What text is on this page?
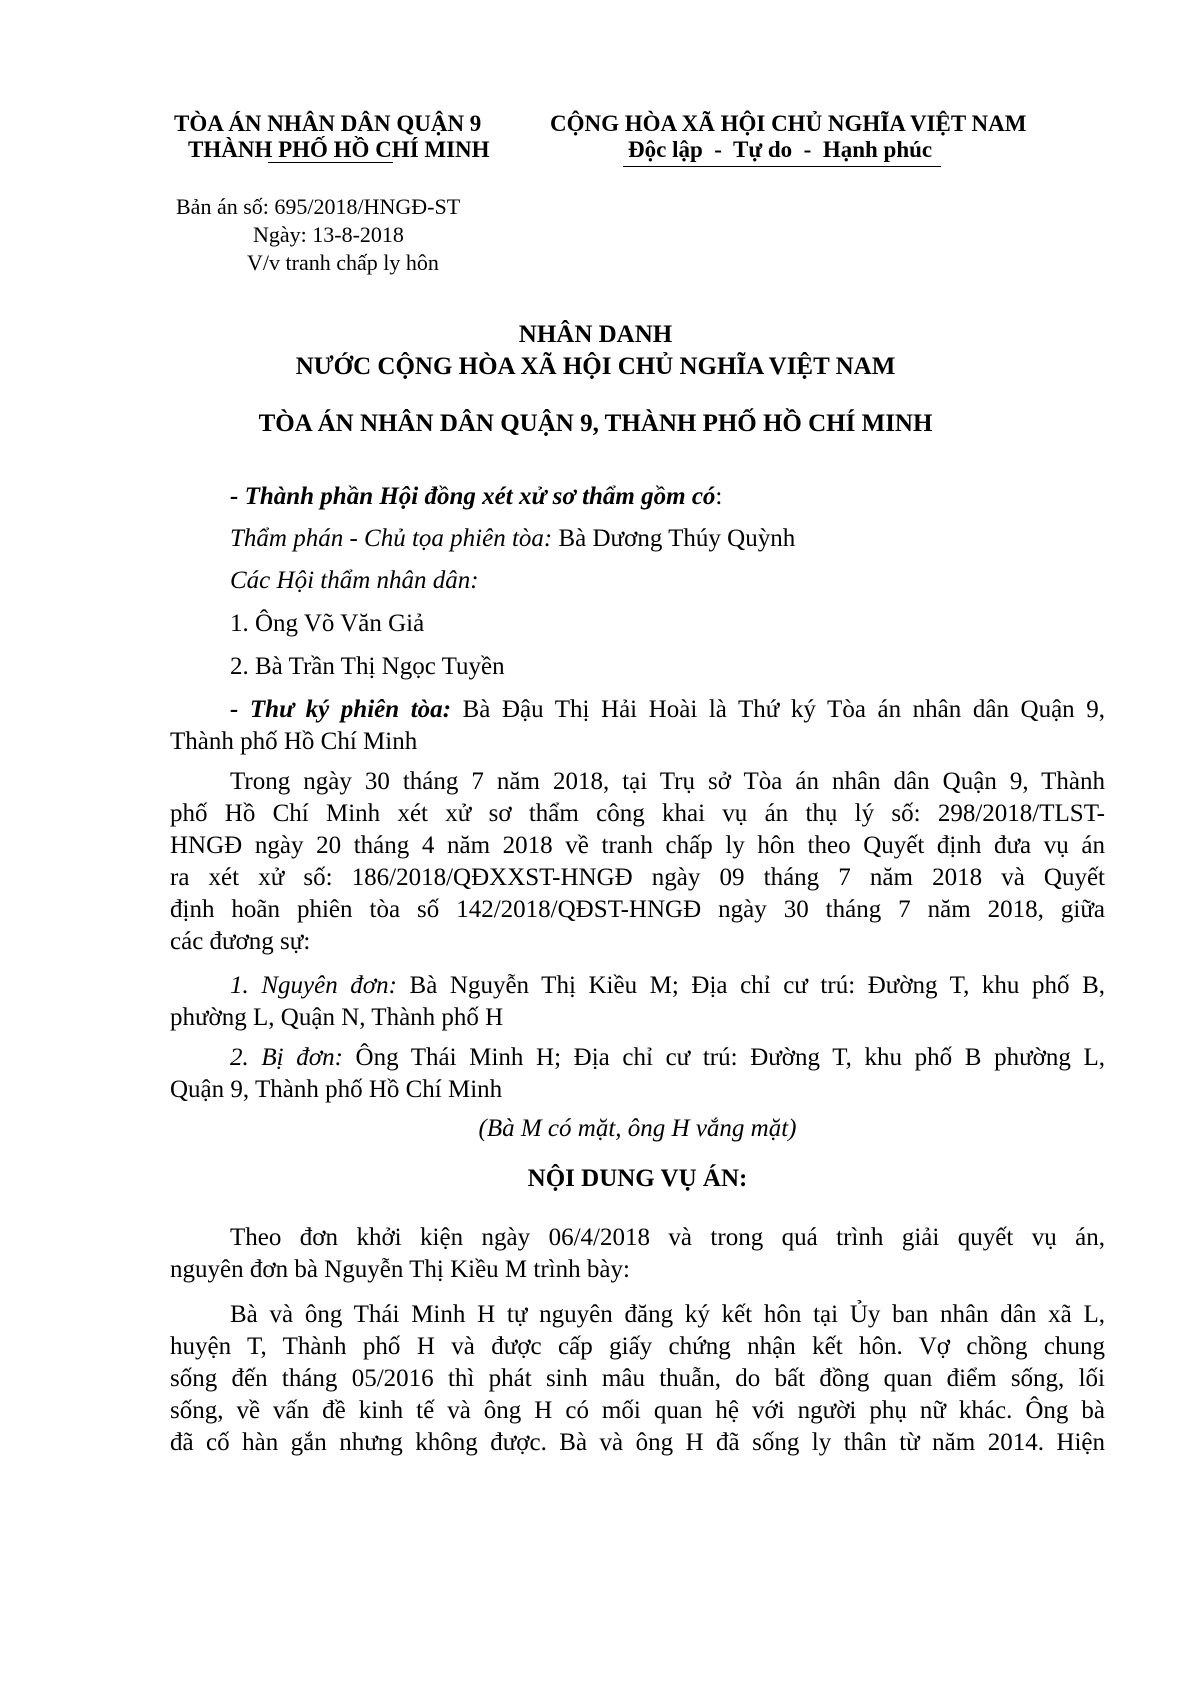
TÒA ÁN NHÂN DÂN QUẬN 9
THÀNH PHỐ HỒ CHÍ MINH
CỘNG HÒA XÃ HỘI CHỦ NGHĨA VIỆT NAM
Độc lập  -  Tự do  -  Hạnh phúc
Bản án số: 695/2018/HNGĐ-ST
Ngày: 13-8-2018
V/v tranh chấp ly hôn
NHÂN DANH
NƯỚC CỘNG HÒA XÃ HỘI CHỦ NGHĨA VIỆT NAM
TÒA ÁN NHÂN DÂN QUẬN 9, THÀNH PHỐ HỒ CHÍ MINH
- Thành phần Hội đồng xét xử sơ thẩm gồm có:
Thẩm phán - Chủ tọa phiên tòa: Bà Dương Thúy Quỳnh
Các Hội thẩm nhân dân:
1. Ông Võ Văn Giả
2. Bà Trần Thị Ngọc Tuyền
- Thư ký phiên tòa: Bà Đậu Thị Hải Hoài là Thứ ký Tòa án nhân dân Quận 9,
Thành phố Hồ Chí Minh
Trong ngày 30 tháng 7 năm 2018, tại Trụ sở Tòa án nhân dân Quận 9, Thành
phố Hồ Chí Minh xét xử sơ thẩm công khai vụ án thụ lý số: 298/2018/TLST-
HNGĐ ngày 20 tháng 4 năm 2018 về tranh chấp ly hôn theo Quyết định đưa vụ án
ra xét xử số: 186/2018/QĐXXST-HNGĐ ngày 09 tháng 7 năm 2018 và Quyết
định hoãn phiên tòa số 142/2018/QĐST-HNGĐ ngày 30 tháng 7 năm 2018, giữa
các đương sự:
1. Nguyên đơn: Bà Nguyễn Thị Kiều M; Địa chỉ cư trú: Đường T, khu phố B,
phường L, Quận N, Thành phố H
2. Bị đơn: Ông Thái Minh H; Địa chỉ cư trú: Đường T, khu phố B phường L,
Quận 9, Thành phố Hồ Chí Minh
(Bà M có mặt, ông H vắng mặt)
NỘI DUNG VỤ ÁN:
Theo đơn khởi kiện ngày 06/4/2018 và trong quá trình giải quyết vụ án,
nguyên đơn bà Nguyễn Thị Kiều M trình bày:
Bà và ông Thái Minh H tự nguyên đăng ký kết hôn tại Ủy ban nhân dân xã L,
huyện T, Thành phố H và được cấp giấy chứng nhận kết hôn. Vợ chồng chung
sống đến tháng 05/2016 thì phát sinh mâu thuẫn, do bất đồng quan điểm sống, lối
sống, về vấn đề kinh tế và ông H có mối quan hệ với người phụ nữ khác. Ông bà
đã cố hàn gắn nhưng không được. Bà và ông H đã sống ly thân từ năm 2014. Hiện
